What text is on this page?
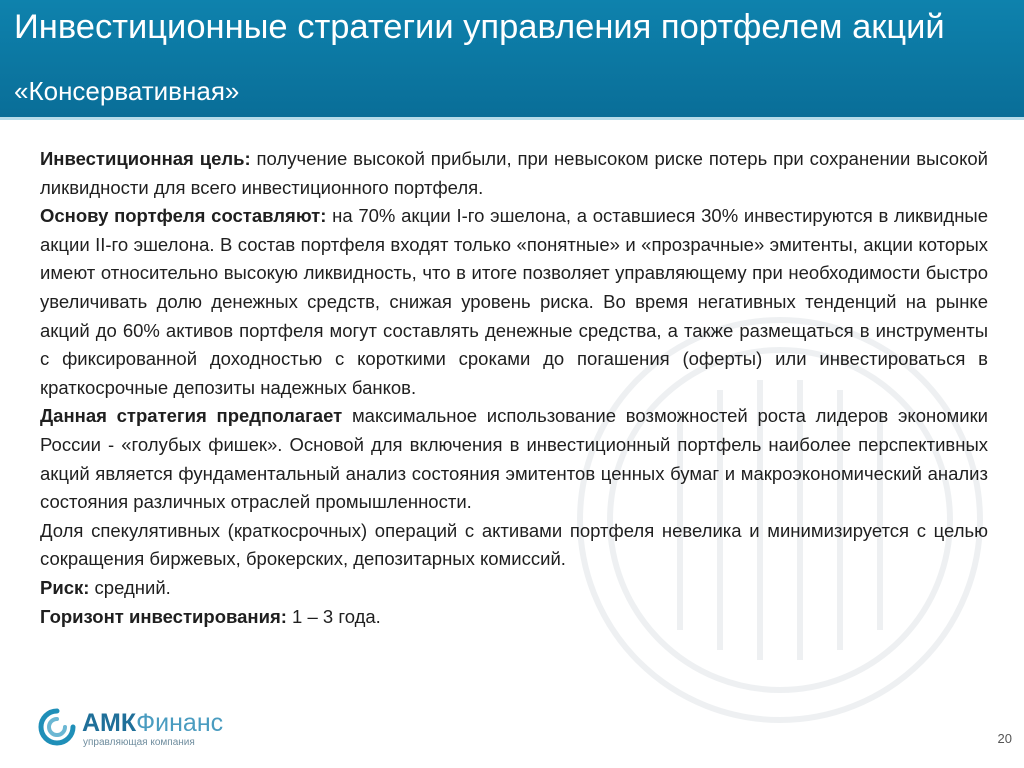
Инвестиционные стратегии управления портфелем акций
«Консервативная»

Инвестиционная цель: получение высокой прибыли, при невысоком риске потерь при сохранении высокой ликвидности для всего инвестиционного портфеля.

Основу портфеля составляют: на 70% акции I-го эшелона, а оставшиеся 30% инвестируются в ликвидные акции II-го эшелона. В состав портфеля входят только «понятные» и «прозрачные» эмитенты, акции которых имеют относительно высокую ликвидность, что в итоге позволяет управляющему при необходимости быстро увеличивать долю денежных средств, снижая уровень риска. Во время негативных тенденций на рынке акций до 60% активов портфеля могут составлять денежные средства, а также размещаться в инструменты с фиксированной доходностью с короткими сроками до погашения (оферты) или инвестироваться в краткосрочные депозиты надежных банков.

Данная стратегия предполагает максимальное использование возможностей роста лидеров экономики России - «голубых фишек». Основой для включения в инвестиционный портфель наиболее перспективных акций является фундаментальный анализ состояния эмитентов ценных бумаг и макроэкономический анализ состояния различных отраслей промышленности.

Доля спекулятивных (краткосрочных) операций с активами портфеля невелика и минимизируется с целью сокращения биржевых, брокерских, депозитарных комиссий.

Риск: средний.

Горизонт инвестирования: 1 – 3 года.

АМКФинанс
управляющая компания	20
